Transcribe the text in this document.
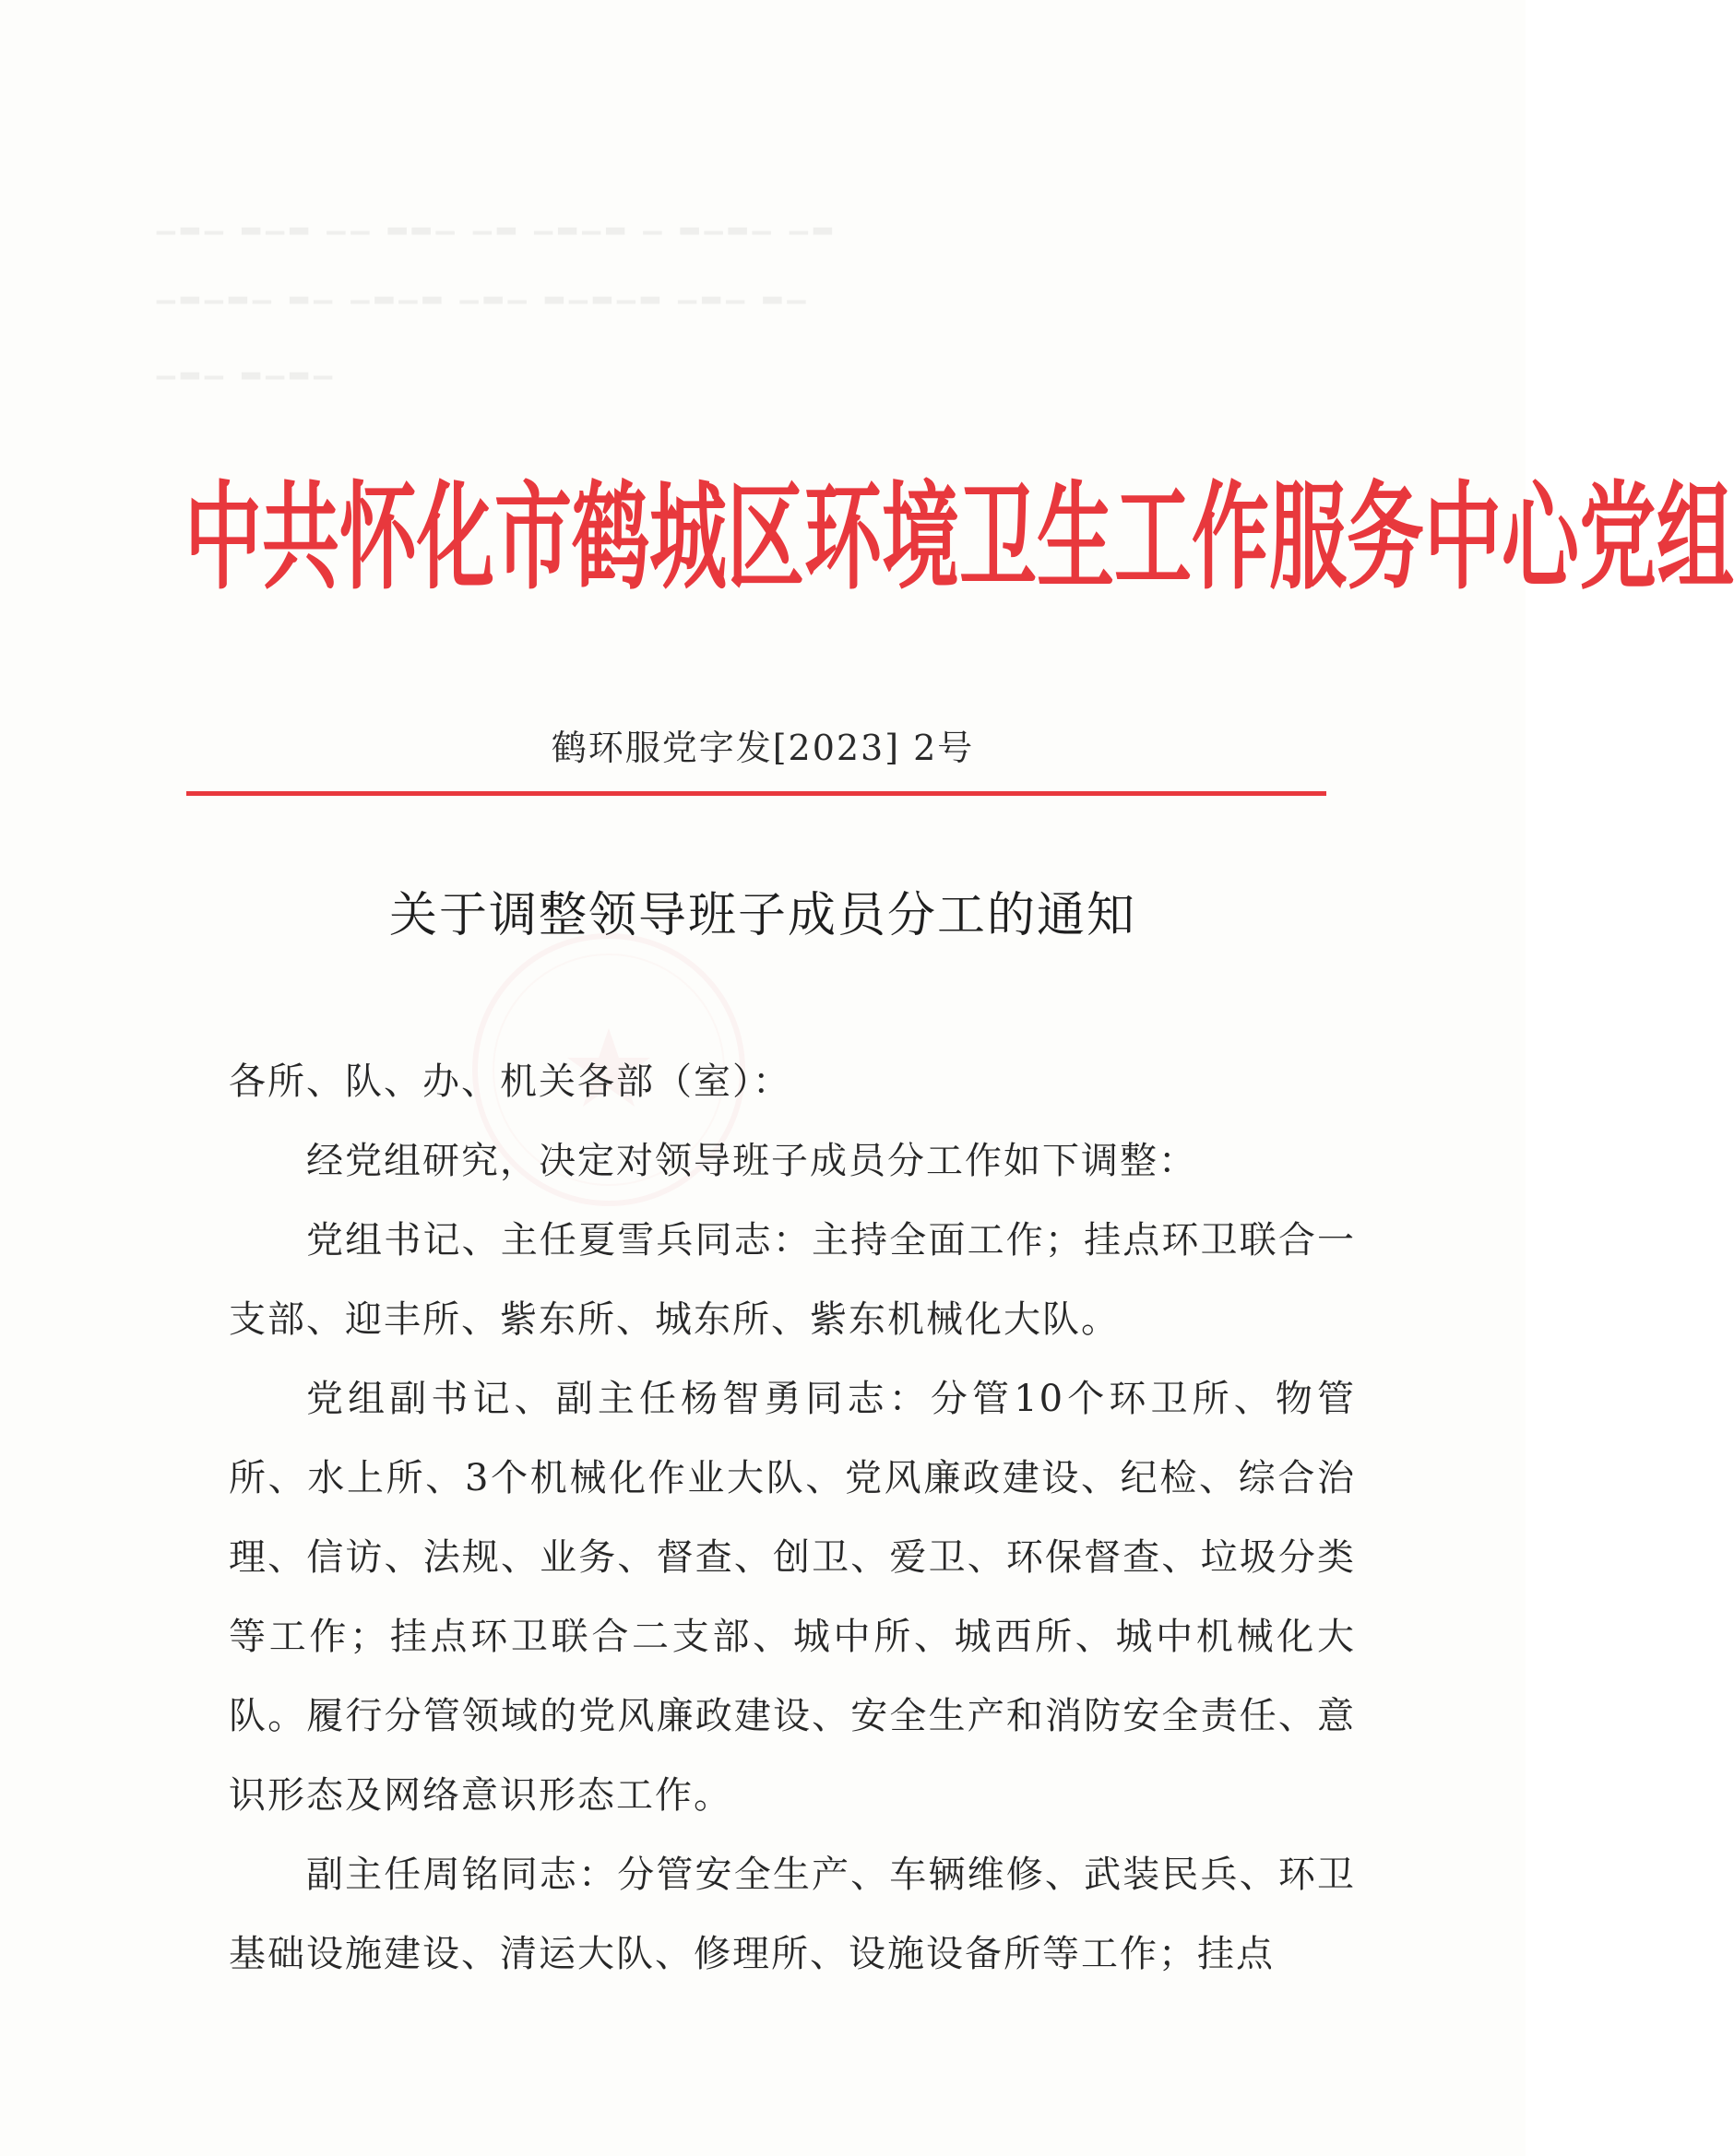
▁▂▁ ▂▁▂ ▁▁ ▂▂▁ ▁▂ ▁▂▁▂ ▁ ▂▁▂▁ ▁▂
▁▂▁▂▁ ▂▁ ▁▂▁▂ ▁▂▁ ▂▁▂▁▂ ▁▂▁ ▂▁
▁▂▁ ▂▁▂▁
中共怀化市鹤城区环境卫生工作服务中心党组
鹤环服党字发[2023] 2号
关于调整领导班子成员分工的通知

各所、队、办、机关各部（室）：

经党组研究，决定对领导班子成员分工作如下调整：

党组书记、主任夏雪兵同志：主持全面工作；挂点环卫联合一支部、迎丰所、紫东所、城东所、紫东机械化大队。

党组副书记、副主任杨智勇同志：分管10个环卫所、物管所、水上所、3个机械化作业大队、党风廉政建设、纪检、综合治理、信访、法规、业务、督查、创卫、爱卫、环保督查、垃圾分类等工作；挂点环卫联合二支部、城中所、城西所、城中机械化大队。履行分管领域的党风廉政建设、安全生产和消防安全责任、意识形态及网络意识形态工作。

副主任周铭同志：分管安全生产、车辆维修、武装民兵、环卫基础设施建设、清运大队、修理所、设施设备所等工作；挂点
